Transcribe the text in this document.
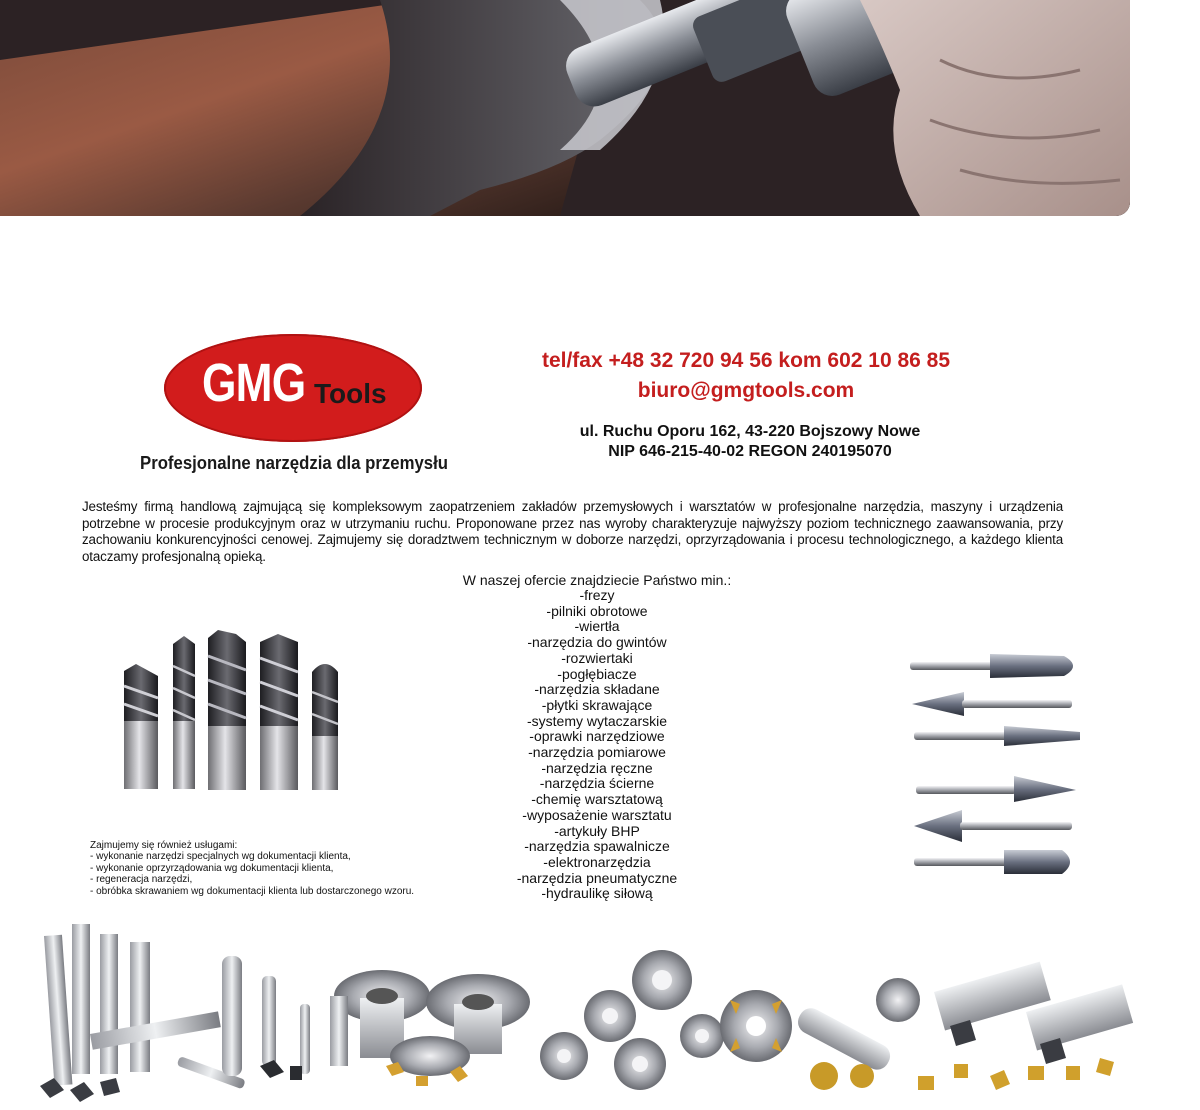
GMG Tools
Profesjonalne narzędzia dla przemysłu
tel/fax +48 32 720 94 56 kom 602 10 86 85
biuro@gmgtools.com
ul. Ruchu Oporu 162, 43-220 Bojszowy Nowe
NIP 646-215-40-02 REGON 240195070

Jesteśmy firmą handlową zajmującą się kompleksowym zaopatrzeniem zakładów przemysłowych i warsztatów w profesjonalne narzędzia, maszyny i urządzenia potrzebne w procesie produkcyjnym oraz w utrzymaniu ruchu. Proponowane przez nas wyroby charakteryzuje najwyższy poziom technicznego zaawansowania, przy zachowaniu konkurencyjności cenowej. Zajmujemy się doradztwem technicznym w doborze narzędzi, oprzyrządowania i procesu technologicznego, a każdego klienta otaczamy profesjonalną opieką.

W naszej ofercie znajdziecie Państwo min.:
-frezy
-pilniki obrotowe
-wiertła
-narzędzia do gwintów
-rozwiertaki
-pogłębiacze
-narzędzia składane
-płytki skrawające
-systemy wytaczarskie
-oprawki narzędziowe
-narzędzia pomiarowe
-narzędzia ręczne
-narzędzia ścierne
-chemię warsztatową
-wyposażenie warsztatu
-artykuły BHP
-narzędzia spawalnicze
-elektronarzędzia
-narzędzia pneumatyczne
-hydraulikę siłową
Zajmujemy się również usługami:
- wykonanie narzędzi specjalnych wg dokumentacji klienta,
- wykonanie oprzyrządowania wg dokumentacji klienta,
- regeneracja narzędzi,
- obróbka skrawaniem wg dokumentacji klienta lub dostarczonego wzoru.
